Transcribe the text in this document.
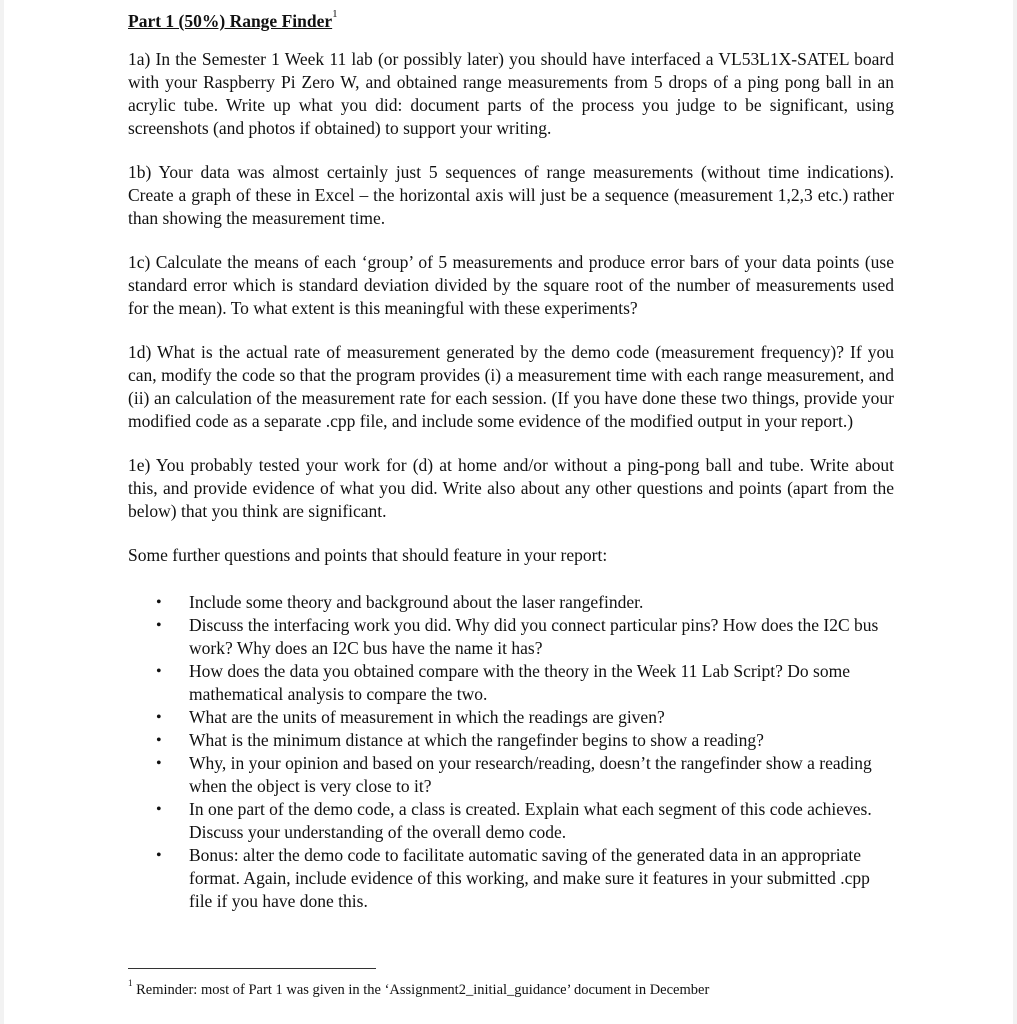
Part 1 (50%) Range Finder$^1$

1a) In the Semester 1 Week 11 lab (or possibly later) you should have interfaced a VL53L1X-SATEL board with your Raspberry Pi Zero W, and obtained range measurements from 5 drops of a ping pong ball in an acrylic tube. Write up what you did: document parts of the process you judge to be significant, using screenshots (and photos if obtained) to support your writing.

1b) Your data was almost certainly just 5 sequences of range measurements (without time indications). Create a graph of these in Excel – the horizontal axis will just be a sequence (measurement 1,2,3 etc.) rather than showing the measurement time.

1c) Calculate the means of each ‘group’ of 5 measurements and produce error bars of your data points (use standard error which is standard deviation divided by the square root of the number of measurements used for the mean). To what extent is this meaningful with these experiments?

1d) What is the actual rate of measurement generated by the demo code (measurement frequency)? If you can, modify the code so that the program provides (i) a measurement time with each range measurement, and (ii) an calculation of the measurement rate for each session. (If you have done these two things, provide your modified code as a separate .cpp file, and include some evidence of the modified output in your report.)

1e) You probably tested your work for (d) at home and/or without a ping-pong ball and tube. Write about this, and provide evidence of what you did. Write also about any other questions and points (apart from the below) that you think are significant.

Some further questions and points that should feature in your report:

• Include some theory and background about the laser rangefinder.
• Discuss the interfacing work you did. Why did you connect particular pins? How does the I2C bus work? Why does an I2C bus have the name it has?
• How does the data you obtained compare with the theory in the Week 11 Lab Script? Do some mathematical analysis to compare the two.
• What are the units of measurement in which the readings are given?
• What is the minimum distance at which the rangefinder begins to show a reading?
• Why, in your opinion and based on your research/reading, doesn’t the rangefinder show a reading when the object is very close to it?
• In one part of the demo code, a class is created. Explain what each segment of this code achieves. Discuss your understanding of the overall demo code.
• Bonus: alter the demo code to facilitate automatic saving of the generated data in an appropriate format. Again, include evidence of this working, and make sure it features in your submitted .cpp file if you have done this.
$^1$ Reminder: most of Part 1 was given in the ‘Assignment2_initial_guidance’ document in December
